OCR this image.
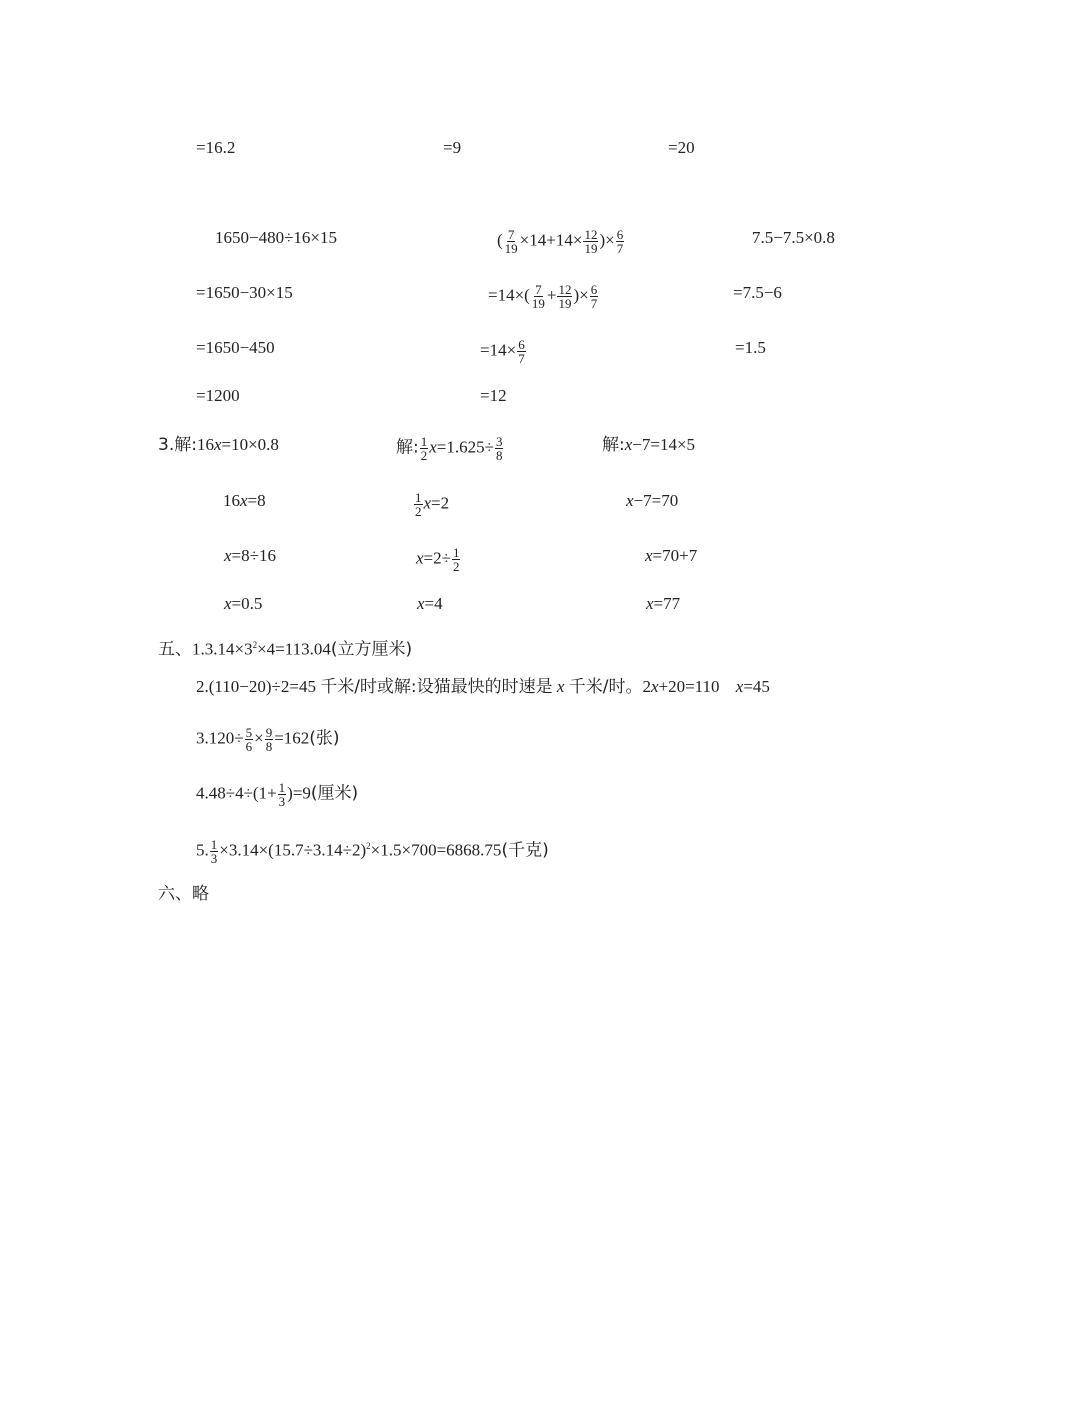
=16.2	=9	=20
1650−480÷16×15
=1650−30×15
=1650−450
=1200
( $\frac{7}{19} \times 14+14\times \frac{12}{19}$ )× $\frac{6}{7}$
$=14\times( \frac{7}{19} + \frac{12}{19}$ )× $\frac{6}{7}$
$=14\times \frac{6}{7}$
=12
7.5−7.5×0.8
=7.5−6
=1.5
3.解:16x=10×0.8
16x=8
x=8÷16
x=0.5
解: $\frac{1}{2} x=1.625\div \frac{3}{8}$
$\frac{1}{2} x=2$
$x=2\div \frac{1}{2}$
x=4
解:x−7=14×5
x−7=70
x=70+7
x=77
五、$1.3.14\times 3^2\times 4=113.04$(立方厘米)
2.(110−20)÷2=45 千米/时或解:设猫最快的时速是 x 千米/时。2x+20=110 x=45
$3.120\div \frac{5}{6} \times \frac{9}{8} =162$(张)
$4.48\div 4\div(1+ \frac{1}{3} )=9$(厘米)
5. $\frac{1}{3} \times 3.14\times(15.7\div 3.14\div 2)^2\times 1.5\times 700=6868.75$(千克)
六、略
